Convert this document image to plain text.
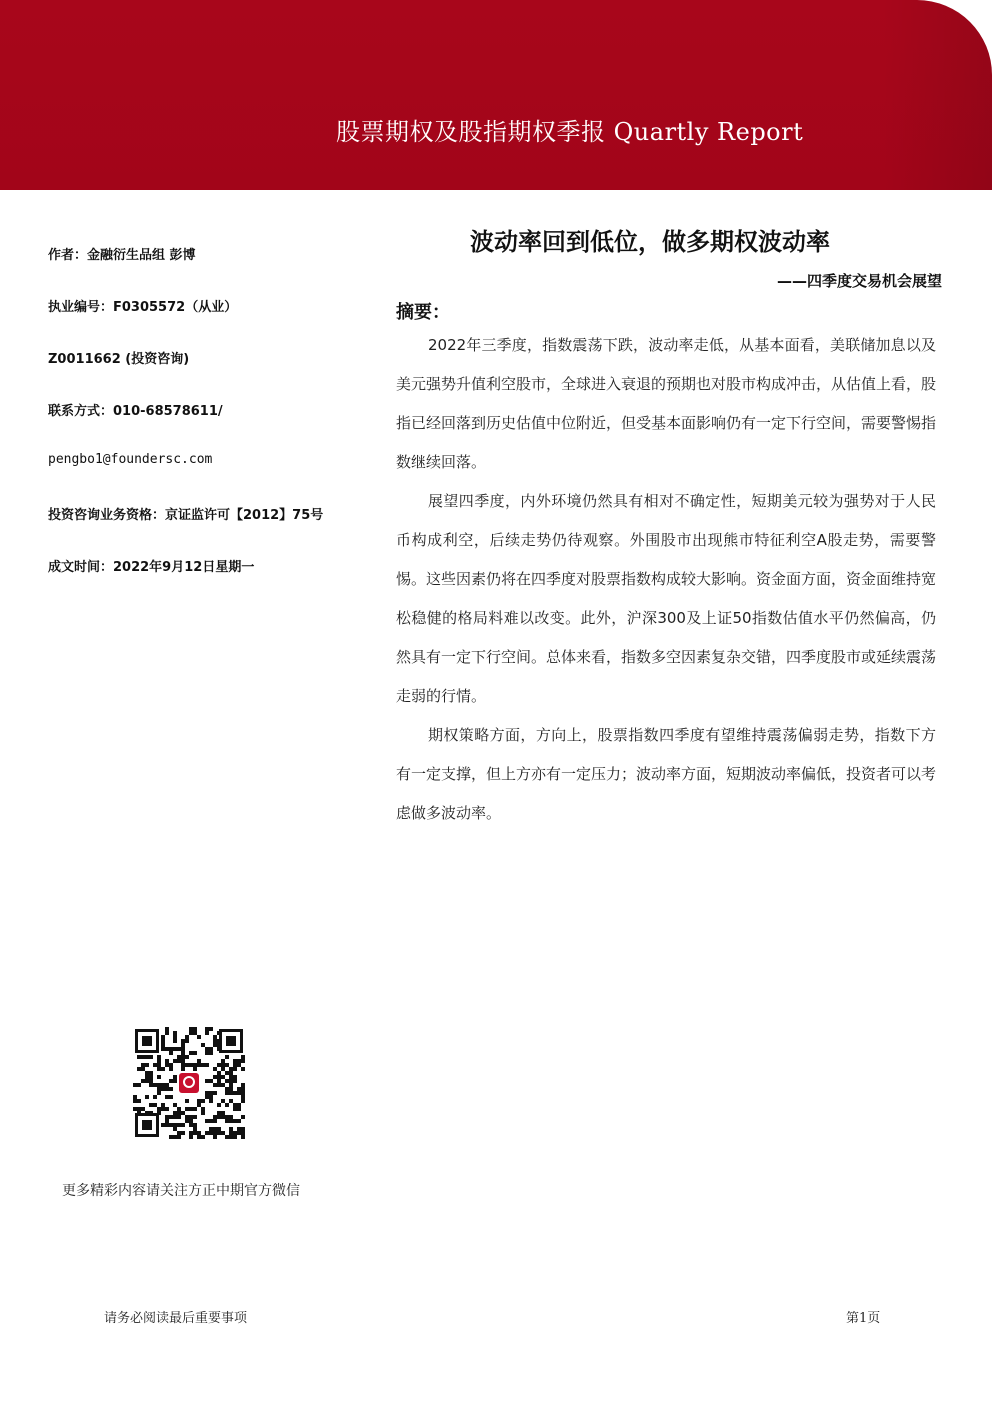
股票期权及股指期权季报 Quartly Report
作者：金融衍生品组 彭博
执业编号：F0305572（从业）
Z0011662 (投资咨询)
联系方式：010-68578611/
pengbo1@foundersc.com
投资咨询业务资格：京证监许可【2012】75号
成文时间：2022年9月12日星期一
波动率回到低位，做多期权波动率
——四季度交易机会展望
摘要：

2022年三季度，指数震荡下跌，波动率走低，从基本面看，美联储加息以及美元强势升值利空股市，全球进入衰退的预期也对股市构成冲击，从估值上看，股指已经回落到历史估值中位附近，但受基本面影响仍有一定下行空间，需要警惕指数继续回落。

展望四季度，内外环境仍然具有相对不确定性，短期美元较为强势对于人民币构成利空，后续走势仍待观察。外围股市出现熊市特征利空A股走势，需要警惕。这些因素仍将在四季度对股票指数构成较大影响。资金面方面，资金面维持宽松稳健的格局料难以改变。此外，沪深300及上证50指数估值水平仍然偏高，仍然具有一定下行空间。总体来看，指数多空因素复杂交错，四季度股市或延续震荡走弱的行情。

期权策略方面，方向上，股票指数四季度有望维持震荡偏弱走势，指数下方有一定支撑，但上方亦有一定压力；波动率方面，短期波动率偏低，投资者可以考虑做多波动率。

更多精彩内容请关注方正中期官方微信
请务必阅读最后重要事项	第1页
